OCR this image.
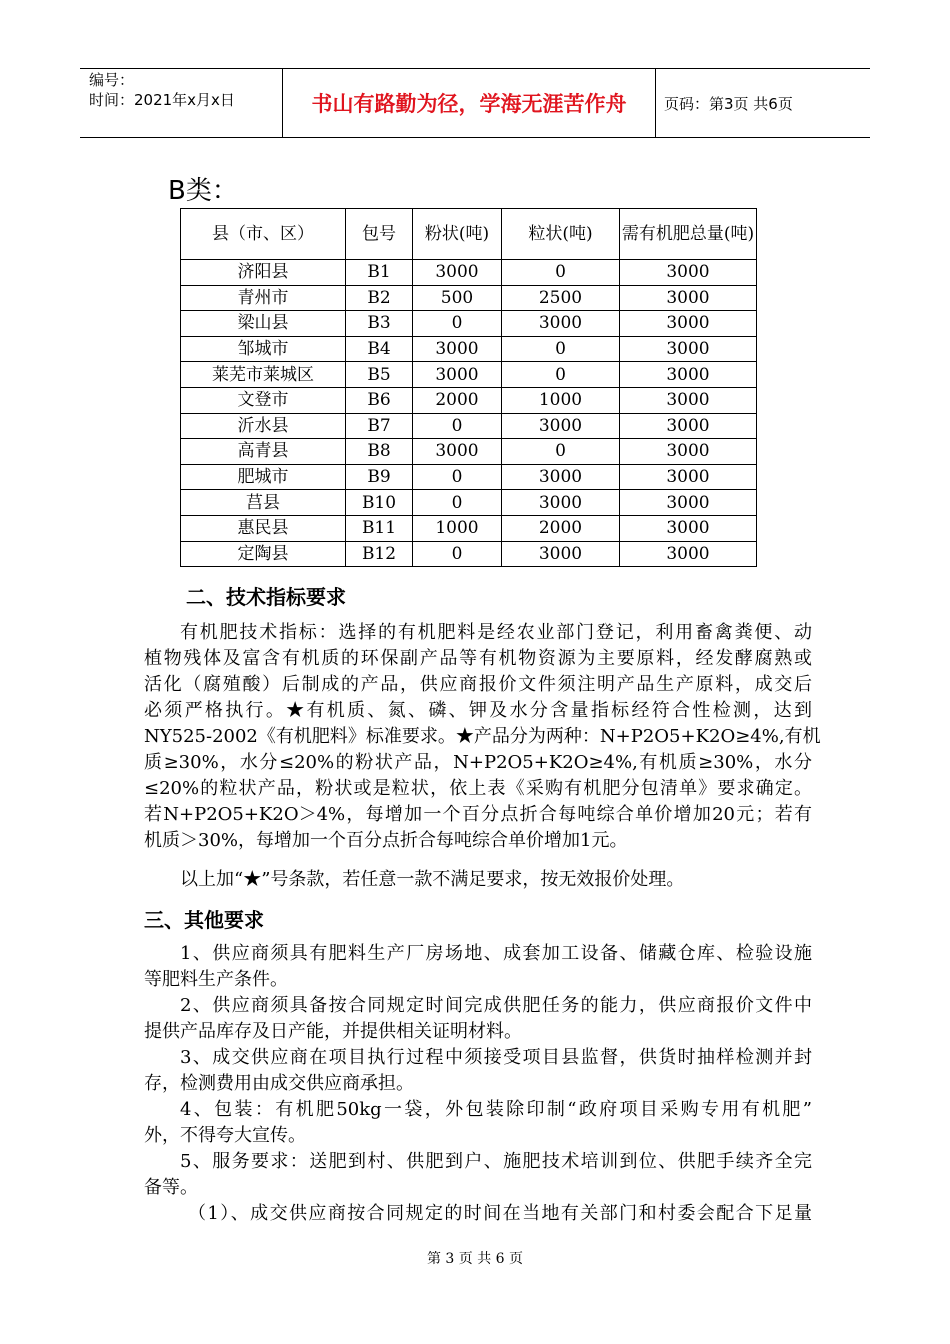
编号：
时间：2021年x月x日	书山有路勤为径，学海无涯苦作舟	页码：第3页 共6页
B类：
县（市、区）	包号	粉状(吨)	粒状(吨)	需有机肥总量(吨)
济阳县	B1	3000	0	3000
青州市	B2	500	2500	3000
梁山县	B3	0	3000	3000
邹城市	B4	3000	0	3000
莱芜市莱城区	B5	3000	0	3000
文登市	B6	2000	1000	3000
沂水县	B7	0	3000	3000
高青县	B8	3000	0	3000
肥城市	B9	0	3000	3000
莒县	B10	0	3000	3000
惠民县	B11	1000	2000	3000
定陶县	B12	0	3000	3000
二、技术指标要求
有机肥技术指标：选择的有机肥料是经农业部门登记，利用畜禽粪便、动
植物残体及富含有机质的环保副产品等有机物资源为主要原料，经发酵腐熟或
活化（腐殖酸）后制成的产品，供应商报价文件须注明产品生产原料，成交后
必须严格执行。★有机质、氮、磷、钾及水分含量指标经符合性检测，达到
NY525-2002《有机肥料》标准要求。★产品分为两种：N+P2O5+K2O≥4%,有机
质≥30%，水分≤20%的粉状产品，N+P2O5+K2O≥4%,有机质≥30%，水分
≤20%的粒状产品，粉状或是粒状，依上表《采购有机肥分包清单》要求确定。
若N+P2O5+K2O＞4%，每增加一个百分点折合每吨综合单价增加20元；若有
机质＞30%，每增加一个百分点折合每吨综合单价增加1元。
以上加“★”号条款，若任意一款不满足要求，按无效报价处理。
三、其他要求
1、供应商须具有肥料生产厂房场地、成套加工设备、储藏仓库、检验设施
等肥料生产条件。
2、供应商须具备按合同规定时间完成供肥任务的能力，供应商报价文件中
提供产品库存及日产能，并提供相关证明材料。
3、成交供应商在项目执行过程中须接受项目县监督，供货时抽样检测并封
存，检测费用由成交供应商承担。
4、包装：有机肥50kg一袋，外包装除印制“政府项目采购专用有机肥”
外，不得夸大宣传。
5、服务要求：送肥到村、供肥到户、施肥技术培训到位、供肥手续齐全完
备等。
（1）、成交供应商按合同规定的时间在当地有关部门和村委会配合下足量
第 3 页 共 6 页
